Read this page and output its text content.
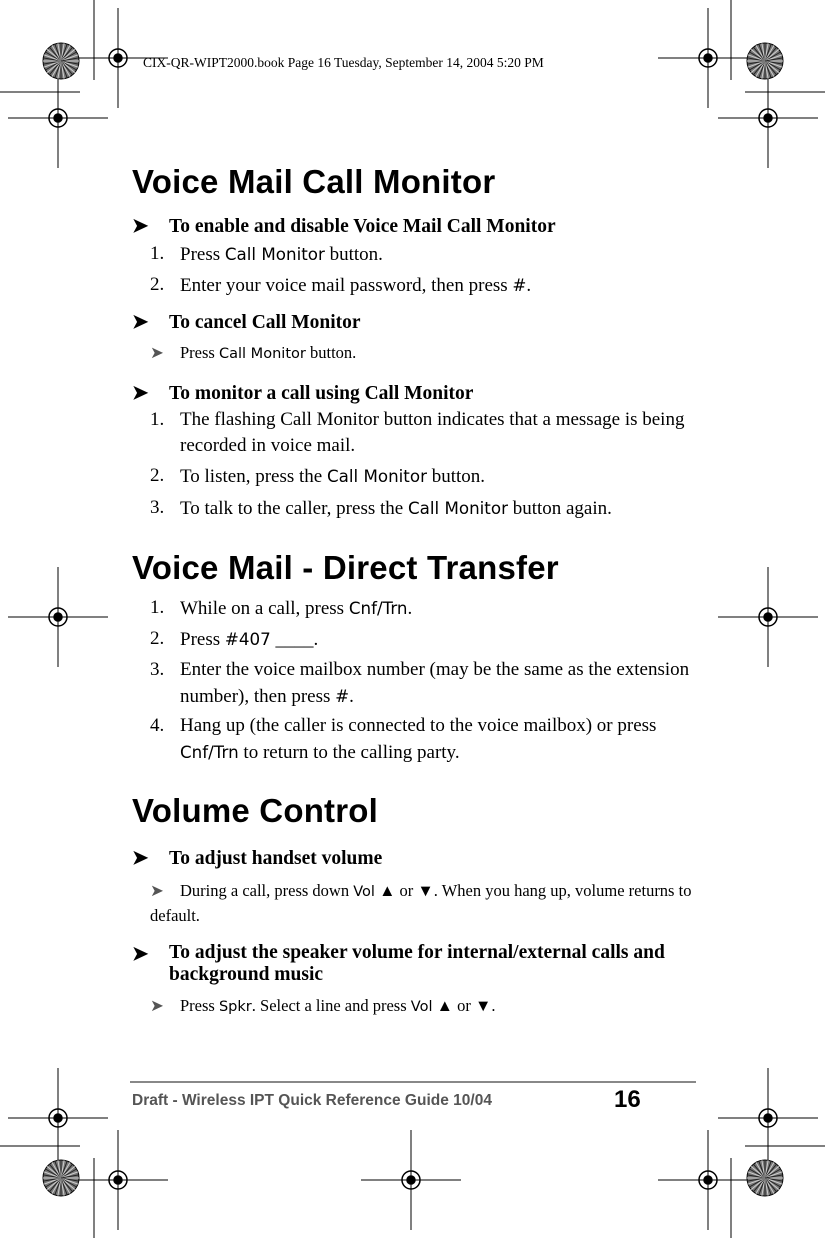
CIX-QR-WIPT2000.book Page 16 Tuesday, September 14, 2004 5:20 PM
Voice Mail Call Monitor
➤ To enable and disable Voice Mail Call Monitor
1. Press Call Monitor button.
2. Enter your voice mail password, then press #.
➤ To cancel Call Monitor
➤ Press Call Monitor button.
➤ To monitor a call using Call Monitor
1. The flashing Call Monitor button indicates that a message is being recorded in voice mail.
2. To listen, press the Call Monitor button.
3. To talk to the caller, press the Call Monitor button again.
Voice Mail - Direct Transfer
1. While on a call, press Cnf/Trn.
2. Press #407 ____.
3. Enter the voice mailbox number (may be the same as the extension number), then press #.
4. Hang up (the caller is connected to the voice mailbox) or press Cnf/Trn to return to the calling party.
Volume Control
➤ To adjust handset volume
➤ During a call, press down Vol ▲ or ▼. When you hang up, volume returns to default.
➤ To adjust the speaker volume for internal/external calls and background music
➤ Press Spkr. Select a line and press Vol ▲ or ▼.
Draft - Wireless IPT Quick Reference Guide 10/04	16
